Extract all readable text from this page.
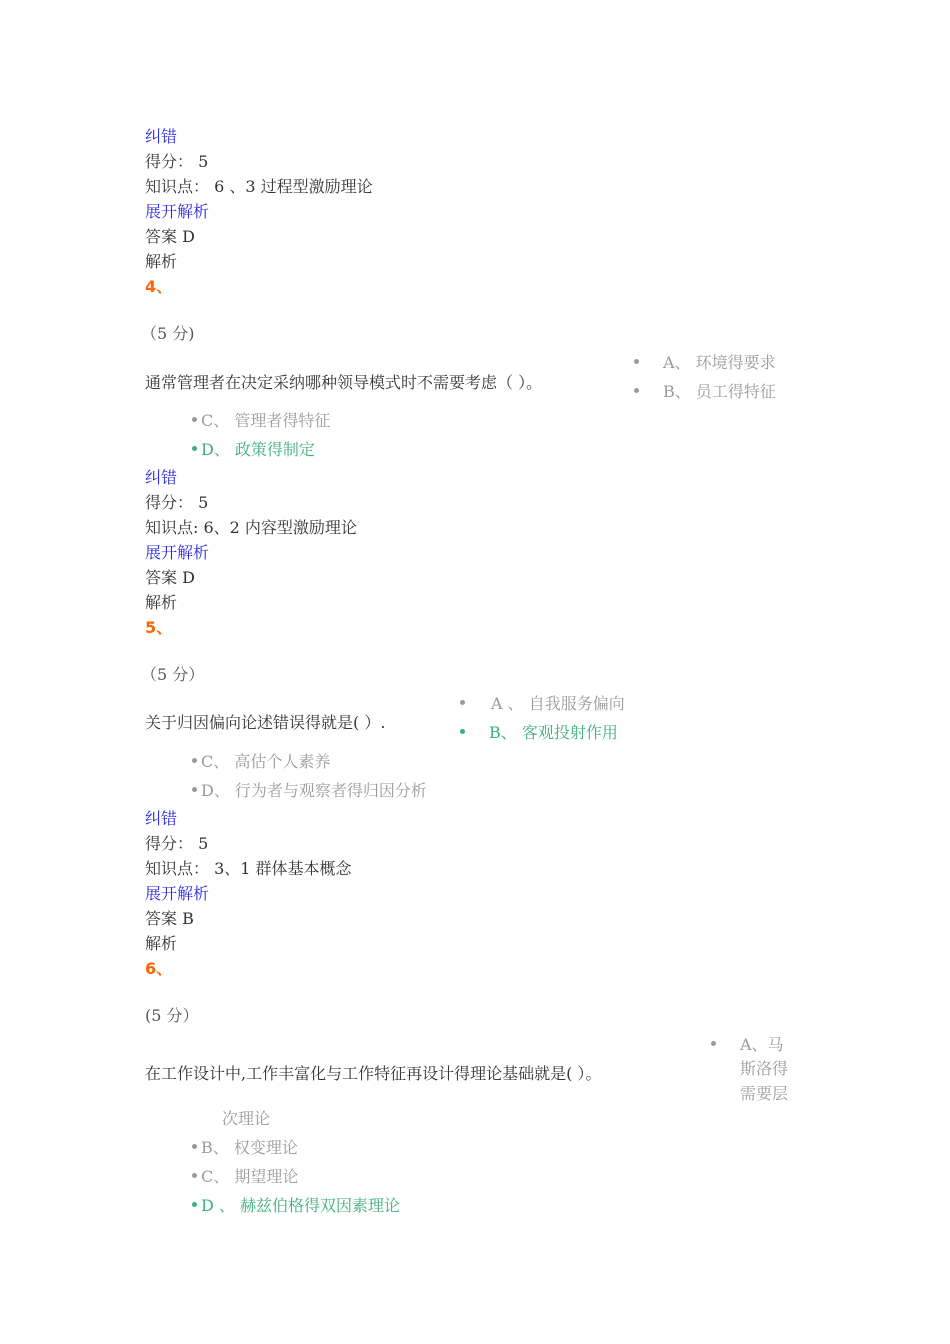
纠错
得分： 5
知识点： 6 、3 过程型激励理论
展开解析
答案 D
解析
4、
（5 分)
通常管理者在决定采纳哪种领导模式时不需要考虑（ ）。
A、 环境得要求
B、 员工得特征
C、 管理者得特征
D、 政策得制定
纠错
得分： 5
知识点: 6、2 内容型激励理论
展开解析
答案 D
解析
5、
（5 分）
关于归因偏向论述错误得就是( ）.
A 、 自我服务偏向
B、 客观投射作用
C、 高估个人素养
D、 行为者与观察者得归因分析
纠错
得分： 5
知识点： 3、1 群体基本概念
展开解析
答案 B
解析
6、
(5 分）
在工作设计中,工作丰富化与工作特征再设计得理论基础就是( ）。
A、马
斯洛得
需要层
次理论
B、 权变理论
C、 期望理论
D 、 赫兹伯格得双因素理论
